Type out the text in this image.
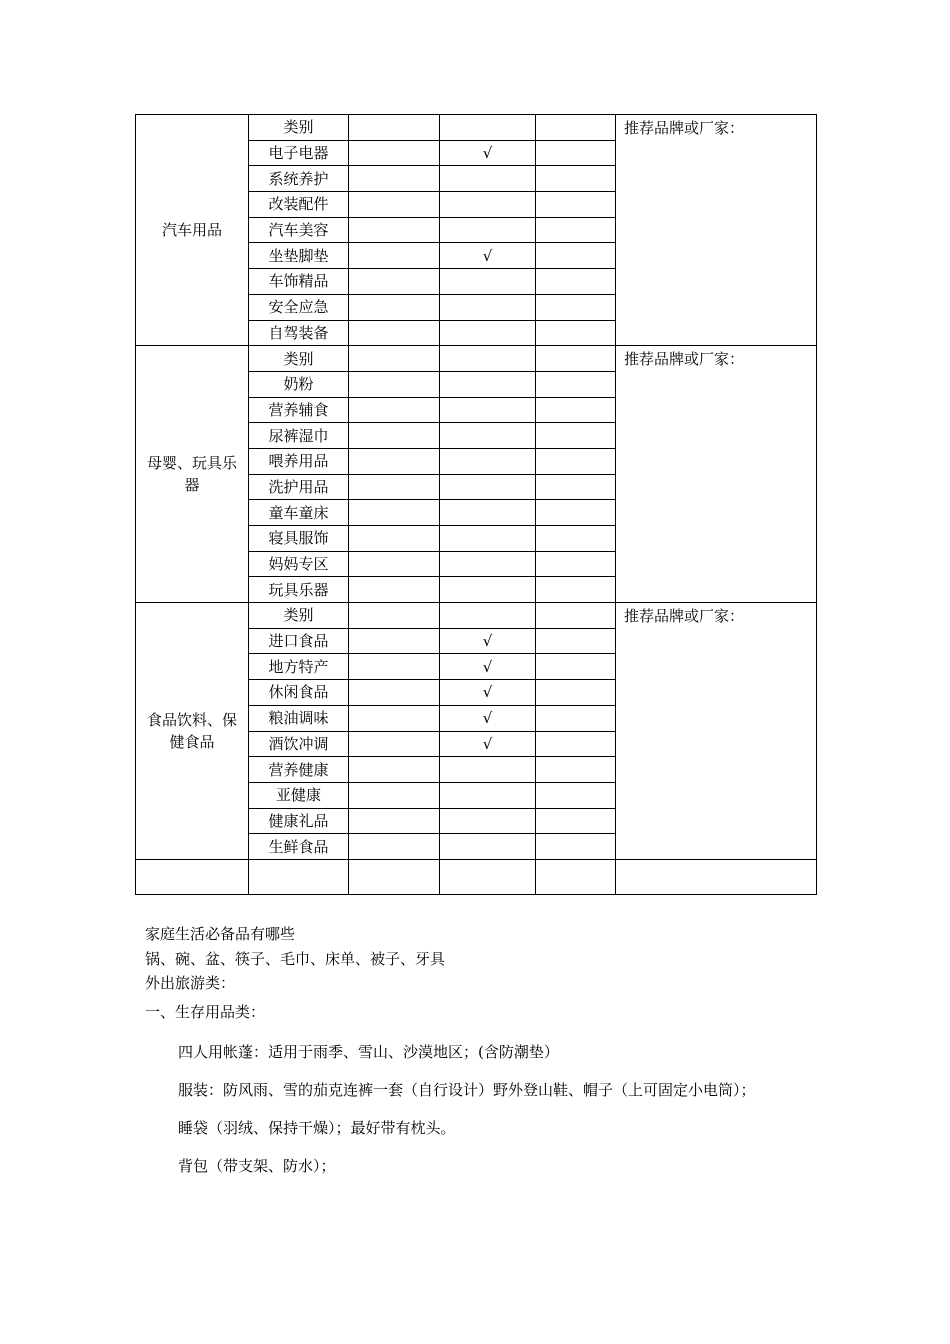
汽车用品	类别				推荐品牌或厂家：
	电子电器		√		
	系统养护				
	改装配件				
	汽车美容				
	坐垫脚垫		√		
	车饰精品				
	安全应急				
	自驾装备				
母婴、玩具乐器	类别				推荐品牌或厂家：
	奶粉				
	营养辅食				
	尿裤湿巾				
	喂养用品				
	洗护用品				
	童车童床				
	寝具服饰				
	妈妈专区				
	玩具乐器				
食品饮料、保健食品	类别				推荐品牌或厂家：
	进口食品		√		
	地方特产		√		
	休闲食品		√		
	粮油调味		√		
	酒饮冲调		√		
	营养健康				
	亚健康				
	健康礼品				
	生鲜食品				

家庭生活必备品有哪些
锅、碗、盆、筷子、毛巾、床单、被子、牙具
外出旅游类：
一、生存用品类：

四人用帐蓬：适用于雨季、雪山、沙漠地区；(含防潮垫）

服装：防风雨、雪的茄克连裤一套（自行设计）野外登山鞋、帽子（上可固定小电筒）；

睡袋（羽绒、保持干燥）；最好带有枕头。

背包（带支架、防水）；
